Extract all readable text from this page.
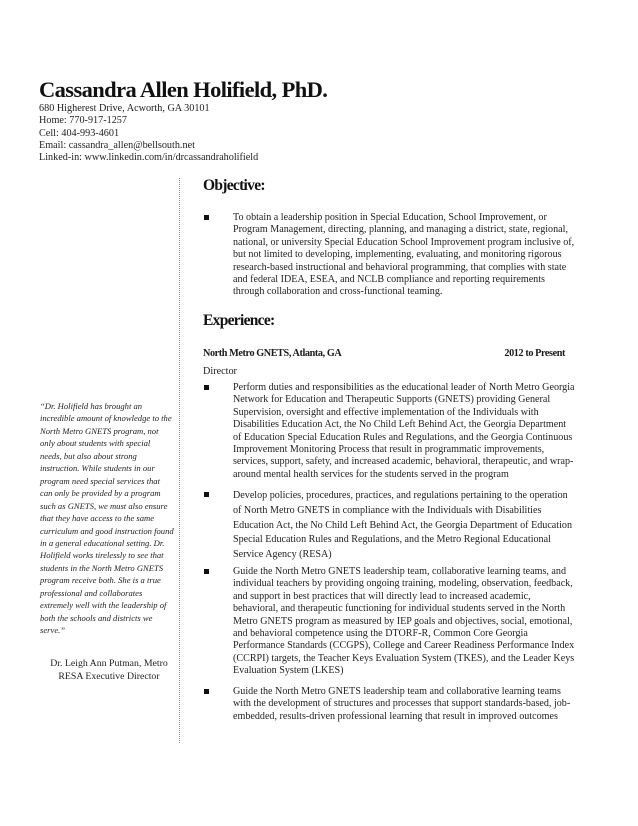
Cassandra Allen Holifield, PhD.
680 Higherest Drive, Acworth, GA 30101
Home: 770-917-1257
Cell: 404-993-4601
Email: cassandra_allen@bellsouth.net
Linked-in: www.linkedin.com/in/drcassandraholifield
“Dr. Holifield has brought an incredible amount of knowledge to the North Metro GNETS program, not only about students with special needs, but also about strong instruction. While students in our program need special services that can only be provided by a program such as GNETS, we must also ensure that they have access to the same curriculum and good instruction found in a general educational setting. Dr. Holifield works tirelessly to see that students in the North Metro GNETS program receive both. She is a true professional and collaborates extremely well with the leadership of both the schools and districts we serve.”
Dr. Leigh Ann Putman, Metro RESA Executive Director
Objective:
To obtain a leadership position in Special Education, School Improvement, or Program Management, directing, planning, and managing a district, state, regional, national, or university Special Education School Improvement program inclusive of, but not limited to developing, implementing, evaluating, and monitoring rigorous research-based instructional and behavioral programming, that complies with state and federal IDEA, ESEA, and NCLB compliance and reporting requirements through collaboration and cross-functional teaming.
Experience:
North Metro GNETS, Atlanta, GA	2012 to Present
Director
Perform duties and responsibilities as the educational leader of North Metro Georgia Network for Education and Therapeutic Supports (GNETS) providing General Supervision, oversight and effective implementation of the Individuals with Disabilities Education Act, the No Child Left Behind Act, the Georgia Department of Education Special Education Rules and Regulations, and the Georgia Continuous Improvement Monitoring Process that result in programmatic improvements, services, support, safety, and increased academic, behavioral, therapeutic, and wrap-around mental health services for the students served in the program
Develop policies, procedures, practices, and regulations pertaining to the operation of North Metro GNETS in compliance with the Individuals with Disabilities Education Act, the No Child Left Behind Act, the Georgia Department of Education Special Education Rules and Regulations, and the Metro Regional Educational Service Agency (RESA)
Guide the North Metro GNETS leadership team, collaborative learning teams, and individual teachers by providing ongoing training, modeling, observation, feedback, and support in best practices that will directly lead to increased academic, behavioral, and therapeutic functioning for individual students served in the North Metro GNETS program as measured by IEP goals and objectives, social, emotional, and behavioral competence using the DTORF-R, Common Core Georgia Performance Standards (CCGPS), College and Career Readiness Performance Index (CCRPI) targets, the Teacher Keys Evaluation System (TKES), and the Leader Keys Evaluation System (LKES)
Guide the North Metro GNETS leadership team and collaborative learning teams with the development of structures and processes that support standards-based, job-embedded, results-driven professional learning that result in improved outcomes
